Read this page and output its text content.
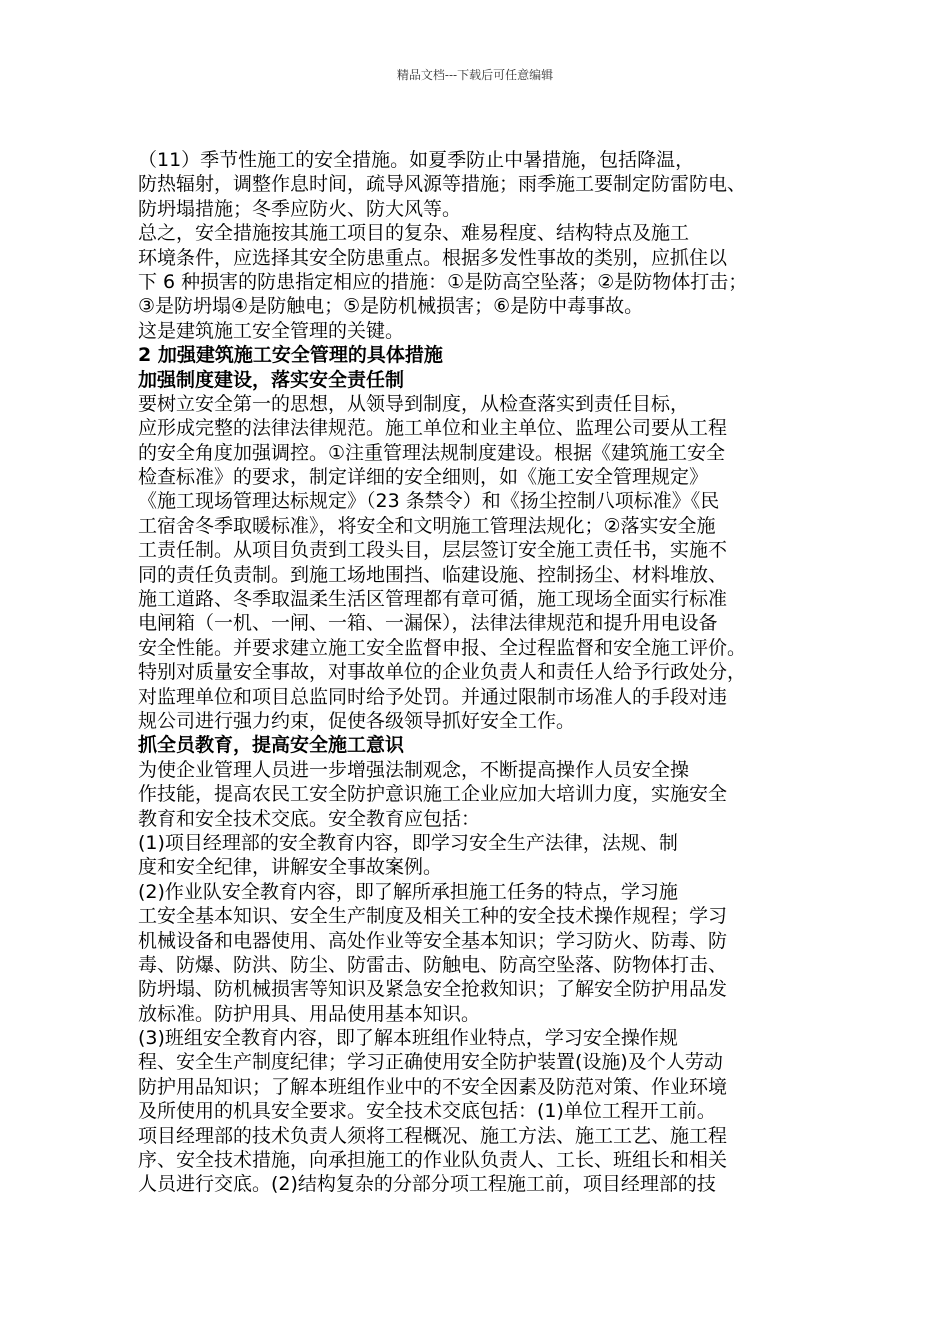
精品文档---下载后可任意编辑
（11）季节性施工的安全措施。如夏季防止中暑措施，包括降温，
防热辐射，调整作息时间，疏导风源等措施；雨季施工要制定防雷防电、
防坍塌措施；冬季应防火、防大风等。
总之，安全措施按其施工项目的复杂、难易程度、结构特点及施工
环境条件，应选择其安全防患重点。根据多发性事故的类别，应抓住以
下 6 种损害的防患指定相应的措施：①是防高空坠落；②是防物体打击；
③是防坍塌④是防触电；⑤是防机械损害；⑥是防中毒事故。
这是建筑施工安全管理的关键。
2 加强建筑施工安全管理的具体措施
加强制度建设，落实安全责任制
要树立安全第一的思想，从领导到制度，从检查落实到责任目标，
应形成完整的法律法律规范。施工单位和业主单位、监理公司要从工程
的安全角度加强调控。①注重管理法规制度建设。根据《建筑施工安全
检查标准》的要求，制定详细的安全细则，如《施工安全管理规定》
《施工现场管理达标规定》（23 条禁令）和《扬尘控制八项标准》《民
工宿舍冬季取暖标准》，将安全和文明施工管理法规化；②落实安全施
工责任制。从项目负责到工段头目，层层签订安全施工责任书，实施不
同的责任负责制。到施工场地围挡、临建设施、控制扬尘、材料堆放、
施工道路、冬季取温柔生活区管理都有章可循，施工现场全面实行标准
电闸箱（一机、一闸、一箱、一漏保），法律法律规范和提升用电设备
安全性能。并要求建立施工安全监督申报、全过程监督和安全施工评价。
特别对质量安全事故，对事故单位的企业负责人和责任人给予行政处分，
对监理单位和项目总监同时给予处罚。并通过限制市场准人的手段对违
规公司进行强力约束，促使各级领导抓好安全工作。
抓全员教育，提高安全施工意识
为使企业管理人员进一步增强法制观念，不断提高操作人员安全操
作技能，提高农民工安全防护意识施工企业应加大培训力度，实施安全
教育和安全技术交底。安全教育应包括：
(1)项目经理部的安全教育内容，即学习安全生产法律，法规、制
度和安全纪律，讲解安全事故案例。
(2)作业队安全教育内容，即了解所承担施工任务的特点，学习施
工安全基本知识、安全生产制度及相关工种的安全技术操作规程；学习
机械设备和电器使用、高处作业等安全基本知识；学习防火、防毒、防
毒、防爆、防洪、防尘、防雷击、防触电、防高空坠落、防物体打击、
防坍塌、防机械损害等知识及紧急安全抢救知识；了解安全防护用品发
放标准。防护用具、用品使用基本知识。
(3)班组安全教育内容，即了解本班组作业特点，学习安全操作规
程、安全生产制度纪律；学习正确使用安全防护装置(设施)及个人劳动
防护用品知识；了解本班组作业中的不安全因素及防范对策、作业环境
及所使用的机具安全要求。安全技术交底包括：(1)单位工程开工前。
项目经理部的技术负责人须将工程概况、施工方法、施工工艺、施工程
序、安全技术措施，向承担施工的作业队负责人、工长、班组长和相关
人员进行交底。(2)结构复杂的分部分项工程施工前，项目经理部的技
